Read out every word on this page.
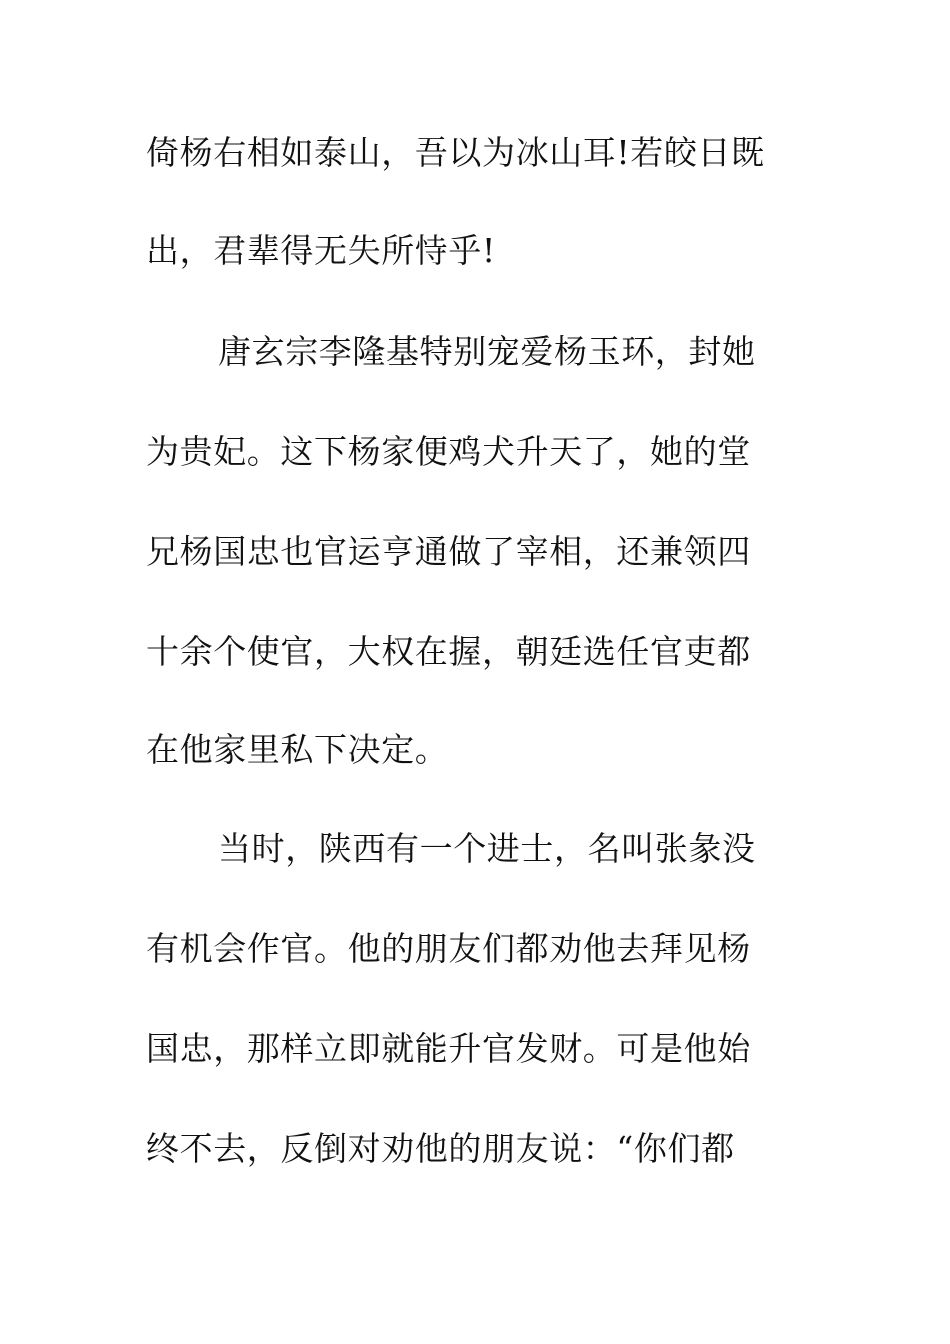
倚杨右相如泰山，吾以为冰山耳!若皎日既
出，君辈得无失所恃乎!
唐玄宗李隆基特别宠爱杨玉环，封她
为贵妃。这下杨家便鸡犬升天了，她的堂
兄杨国忠也官运亨通做了宰相，还兼领四
十余个使官，大权在握，朝廷选任官吏都
在他家里私下决定。
当时，陕西有一个进士，名叫张彖没
有机会作官。他的朋友们都劝他去拜见杨
国忠，那样立即就能升官发财。可是他始
终不去，反倒对劝他的朋友说：“你们都
